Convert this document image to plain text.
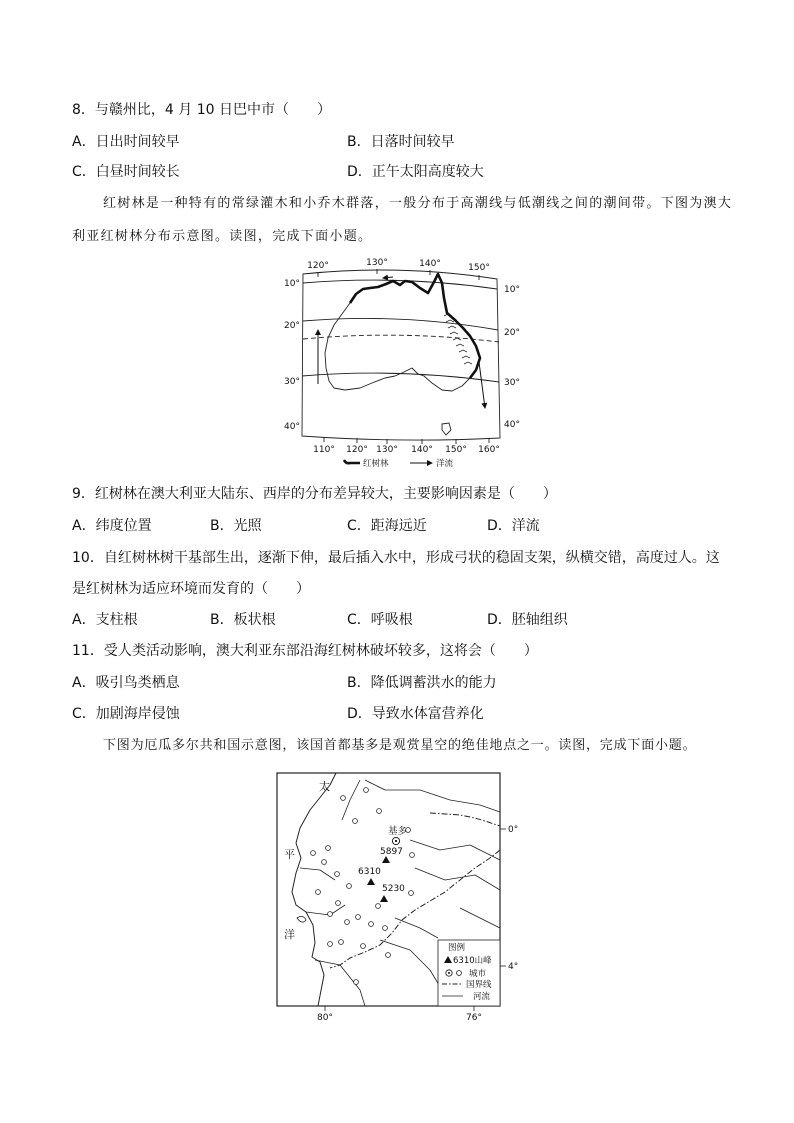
8．与赣州比，4 月 10 日巴中市（　　）
A．日出时间较早	B．日落时间较早
C．白昼时间较长	D．正午太阳高度较大
红树林是一种特有的常绿灌木和小乔木群落，一般分布于高潮线与低潮线之间的潮间带。下图为澳大
利亚红树林分布示意图。读图，完成下面小题。
120°	130°	140°	150°
110° 120° 130° 140° 150° 160°
10°
20°
30°
40°
10°
20°
30°
40°
红树林	洋流
9．红树林在澳大利亚大陆东、西岸的分布差异较大，主要影响因素是（　　）
A．纬度位置	B．光照	C．距海远近	D．洋流
10．自红树林树干基部生出，逐渐下伸，最后插入水中，形成弓状的稳固支架，纵横交错，高度过人。这
是红树林为适应环境而发育的（　　）
A．支柱根	B．板状根	C．呼吸根	D．胚轴组织
11．受人类活动影响，澳大利亚东部沿海红树林破坏较多，这将会（　　）
A．吸引鸟类栖息	B．降低调蓄洪水的能力
C．加剧海岸侵蚀	D．导致水体富营养化
下图为厄瓜多尔共和国示意图，该国首都基多是观赏星空的绝佳地点之一。读图，完成下面小题。
太
平
洋
基多
5897
6310
5230
0°
4°
80°	76°
图例
6310山峰
城市
国界线
河流
